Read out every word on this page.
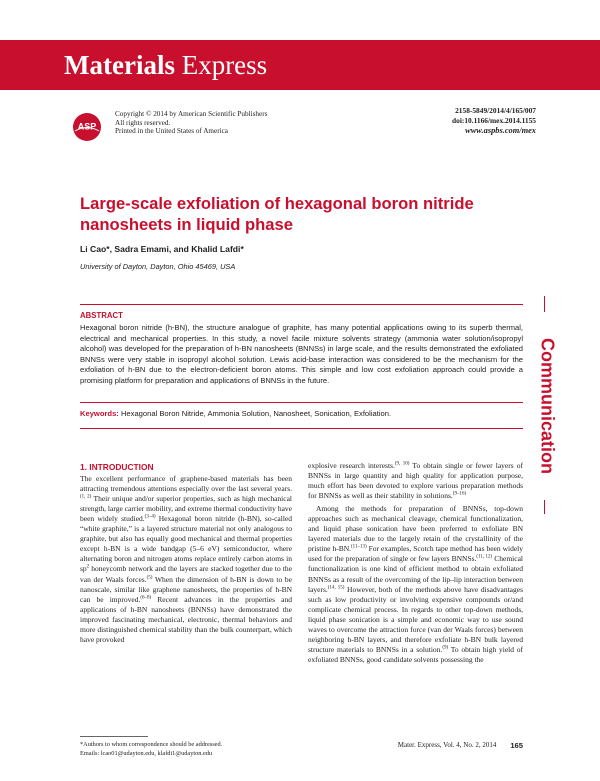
Materials Express
ASP
Copyright © 2014 by American Scientific Publishers
All rights reserved.
Printed in the United States of America
2158-5849/2014/4/165/007
doi:10.1166/mex.2014.1155
www.aspbs.com/mex
Large-scale exfoliation of hexagonal boron nitride nanosheets in liquid phase
Li Cao*, Sadra Emami, and Khalid Lafdi*
University of Dayton, Dayton, Ohio 45469, USA
ABSTRACT
Hexagonal boron nitride (h-BN), the structure analogue of graphite, has many potential applications owing to its superb thermal, electrical and mechanical properties. In this study, a novel facile mixture solvents strategy (ammonia water solution/isopropyl alcohol) was developed for the preparation of h-BN nanosheets (BNNSs) in large scale, and the results demonstrated the exfoliated BNNSs were very stable in isopropyl alcohol solution. Lewis acid-base interaction was considered to be the mechanism for the exfoliation of h-BN due to the electron-deficient boron atoms. This simple and low cost exfoliation approach could provide a promising platform for preparation and applications of BNNSs in the future.
Keywords: Hexagonal Boron Nitride, Ammonia Solution, Nanosheet, Sonication, Exfoliation.	Communication
1. INTRODUCTION

The excellent performance of graphene-based materials has been attracting tremendous attentions especially over the last several years.$^{(1, 2)}$ Their unique and/or superior properties, such as high mechanical strength, large carrier mobility, and extreme thermal conductivity have been widely studied.$^{(3-4)}$ Hexagonal boron nitride (h-BN), so-called “white graphite,” is a layered structure material not only analogous to graphite, but also has equally good mechanical and thermal properties except h-BN is a wide bandgap (5–6 eV) semiconductor, where alternating boron and nitrogen atoms replace entirely carbon atoms in $sp^2$ honeycomb network and the layers are stacked together due to the van der Waals forces.$^{(5)}$ When the dimension of h-BN is down to be nanoscale, similar like graphene nanosheets, the properties of h-BN can be improved.$^{(6-8)}$ Recent advances in the properties and applications of h-BN nanosheets (BNNSs) have demonstrated the improved fascinating mechanical, electronic, thermal behaviors and more distinguished chemical stability than the bulk counterpart, which have provoked

explosive research interests.$^{(9, 10)}$ To obtain single or fewer layers of BNNSs in large quantity and high quality for application purpose, much effort has been devoted to explore various preparation methods for BNNSs as well as their stability in solutions.$^{(9-16)}$

Among the methods for preparation of BNNSs, top-down approaches such as mechanical cleavage, chemical functionalization, and liquid phase sonication have been preferred to exfoliate BN layered materials due to the largely retain of the crystallinity of the pristine h-BN.$^{(11-13)}$ For examples, Scotch tape method has been widely used for the preparation of single or few layers BNNSs.$^{(11, 12)}$ Chemical functionalization is one kind of efficient method to obtain exfoliated BNNSs as a result of the overcoming of the lip–lip interaction between layers.$^{(14, 15)}$ However, both of the methods above have disadvantages such as low productivity or involving expensive compounds or/and complicate chemical process. In regards to other top-down methods, liquid phase sonication is a simple and economic way to use sound waves to overcome the attraction force (van der Waals forces) between neighboring h-BN layers, and therefore exfoliate h-BN bulk layered structure materials to BNNSs in a solution.$^{(9)}$ To obtain high yield of exfoliated BNNSs, good candidate solvents possessing the

*Authors to whom correspondence should be addressed.
Emails: lcao01@udayton.edu, klafdi1@udayton.edu
Mater. Express, Vol. 4, No. 2, 2014 165
